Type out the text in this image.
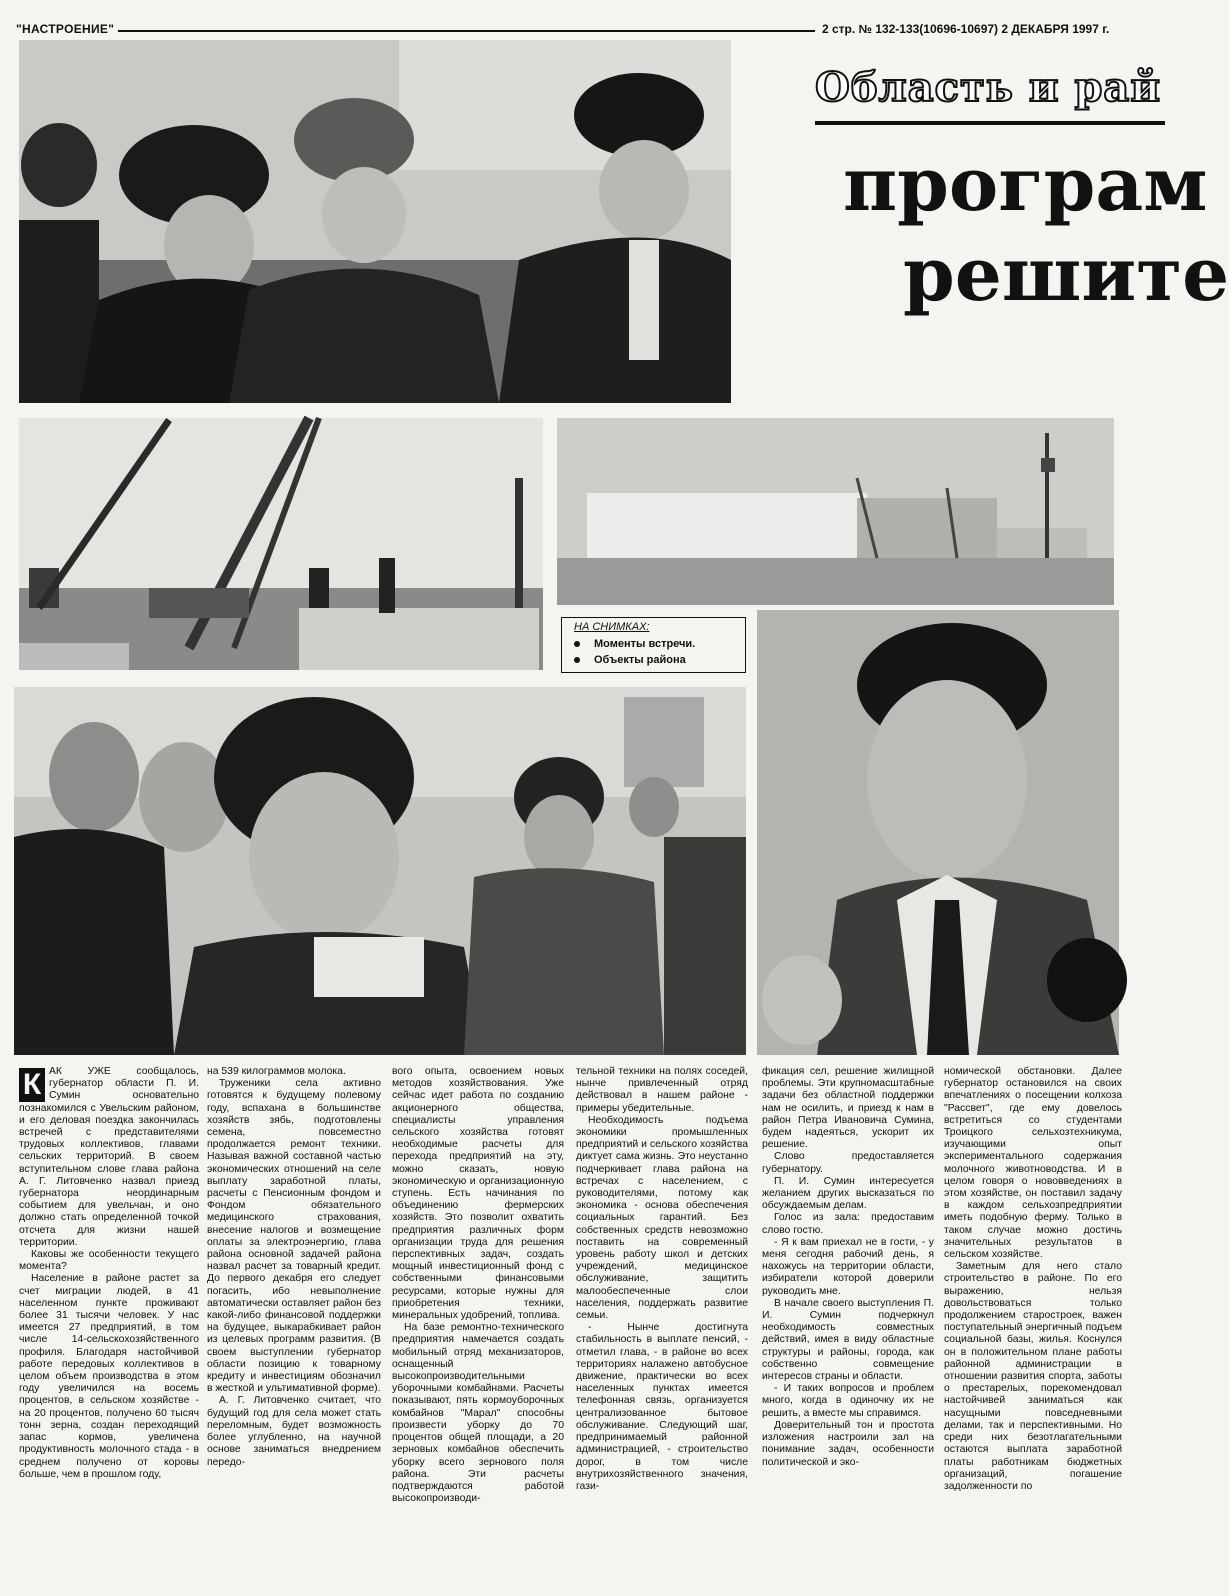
"НАСТРОЕНИЕ"	2 стр. № 132-133(10696-10697) 2 ДЕКАБРЯ 1997 г.
Область и рай
програм
решите
НА СНИМКАХ:
Моменты встречи.
Объекты района
К АК УЖЕ сообщалось, губернатор области П. И. Сумин основательно познакомился с Увельским районом, и его деловая поездка закончилась встречей с представителями трудовых коллективов, главами сельских территорий. В своем вступительном слове глава района А. Г. Литовченко назвал приезд губернатора неординарным событием для увельчан, и оно должно стать определенной точкой отсчета для жизни нашей территории.

Каковы же особенности текущего момента?

Население в районе растет за счет миграции людей, в 41 населенном пункте проживают более 31 тысячи человек. У нас имеется 27 предприятий, в том числе 14-сельскохозяйственного профиля. Благодаря настойчивой работе передовых коллективов в целом объем производства в этом году увеличился на восемь процентов, в сельском хозяйстве - на 20 процентов, получено 60 тысяч тонн зерна, создан переходящий запас кормов, увеличена продуктивность молочного стада - в среднем получено от коровы больше, чем в прошлом году,

на 539 килограммов молока.

Труженики села активно готовятся к будущему полевому году, вспахана в большинстве хозяйств зябь, подготовлены семена, повсеместно продолжается ремонт техники. Называя важной составной частью экономических отношений на селе выплату заработной платы, расчеты с Пенсионным фондом и Фондом обязательного медицинского страхования, внесение налогов и возмещение оплаты за электроэнергию, глава района основной задачей района назвал расчет за товарный кредит. До первого декабря его следует погасить, ибо невыполнение автоматически оставляет район без какой-либо финансовой поддержки на будущее, выкарабкивает район из целевых программ развития. (В своем выступлении губернатор области позицию к товарному кредиту и инвестициям обозначил в жесткой и ультимативной форме).

А. Г. Литовченко считает, что будущий год для села может стать переломным, будет возможность более углубленно, на научной основе заниматься внедрением передо-

вого опыта, освоением новых методов хозяйствования. Уже сейчас идет работа по созданию акционерного общества, специалисты управления сельского хозяйства готовят необходимые расчеты для перехода предприятий на эту, можно сказать, новую экономическую и организационную ступень. Есть начинания по объединению фермерских хозяйств. Это позволит охватить предприятия различных форм организации труда для решения перспективных задач, создать мощный инвестиционный фонд с собственными финансовыми ресурсами, которые нужны для приобретения техники, минеральных удобрений, топлива.

На базе ремонтно-технического предприятия намечается создать мобильный отряд механизаторов, оснащенный высокопроизводительными уборочными комбайнами. Расчеты показывают, пять кормоуборочных комбайнов "Марал" способны произвести уборку до 70 процентов общей площади, а 20 зерновых комбайнов обеспечить уборку всего зернового поля района. Эти расчеты подтверждаются работой высокопроизводи-

тельной техники на полях соседей, нынче привлеченный отряд действовал в нашем районе - примеры убедительные.

Необходимость подъема экономики промышленных предприятий и сельского хозяйства диктует сама жизнь. Это неустанно подчеркивает глава района на встречах с населением, с руководителями, потому как экономика - основа обеспечения социальных гарантий. Без собственных средств невозможно поставить на современный уровень работу школ и детских учреждений, медицинское обслуживание, защитить малообеспеченные слои населения, поддержать развитие семьи.

- Нынче достигнута стабильность в выплате пенсий, - отметил глава, - в районе во всех территориях налажено автобусное движение, практически во всех населенных пунктах имеется телефонная связь, организуется централизованное бытовое обслуживание. Следующий шаг, предпринимаемый районной администрацией, - строительство дорог, в том числе внутрихозяйственного значения, гази-

фикация сел, решение жилищной проблемы. Эти крупномасштабные задачи без областной поддержки нам не осилить, и приезд к нам в район Петра Ивановича Сумина, будем надеяться, ускорит их решение.

Слово предоставляется губернатору.

П. И. Сумин интересуется желанием других высказаться по обсуждаемым делам.

Голос из зала: предоставим слово гостю.

- Я к вам приехал не в гости, - у меня сегодня рабочий день, я нахожусь на территории области, избиратели которой доверили руководить мне.

В начале своего выступления П. И. Сумин подчеркнул необходимость совместных действий, имея в виду областные структуры и районы, города, как собственно совмещение интересов страны и области.

- И таких вопросов и проблем много, когда в одиночку их не решить, а вместе мы справимся.

Доверительный тон и простота изложения настроили зал на понимание задач, особенности политической и эко-

номической обстановки. Далее губернатор остановился на своих впечатлениях о посещении колхоза "Рассвет", где ему довелось встретиться со студентами Троицкого сельхозтехникума, изучающими опыт экспериментального содержания молочного животноводства. И в целом говоря о нововведениях в этом хозяйстве, он поставил задачу в каждом сельхозпредприятии иметь подобную ферму. Только в таком случае можно достичь значительных результатов в сельском хозяйстве.

Заметным для него стало строительство в районе. По его выражению, нельзя довольствоваться только продолжением старостроек, важен поступательный энергичный подъем социальной базы, жилья. Коснулся он в положительном плане работы районной администрации в отношении развития спорта, заботы о престарелых, порекомендовал настойчивей заниматься как насущными повседневными делами, так и перспективными. Но среди них безотлагательными остаются выплата заработной платы работникам бюджетных организаций, погашение задолженности по
